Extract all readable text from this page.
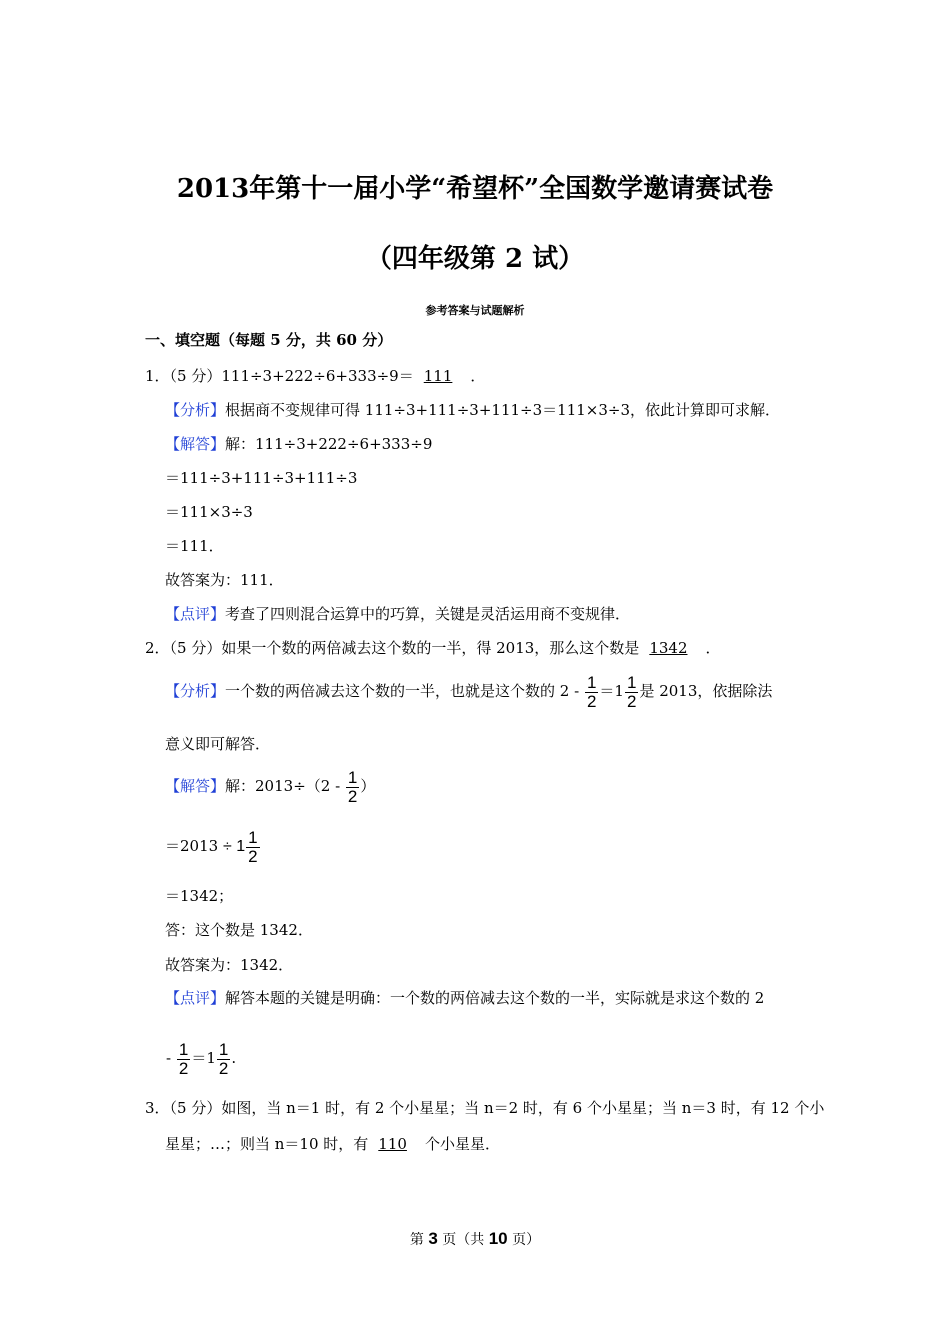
2013年第十一届小学“希望杯”全国数学邀请赛试卷
（四年级第 2 试）
参考答案与试题解析
一、填空题（每题 5 分，共 60 分）
1．（5 分）111÷3+222÷6+333÷9＝ 111 ．
【分析】根据商不变规律可得 111÷3+111÷3+111÷3＝111×3÷3，依此计算即可求解．
【解答】解：111÷3+222÷6+333÷9
＝111÷3+111÷3+111÷3
＝111×3÷3
＝111．
故答案为：111．
【点评】考查了四则混合运算中的巧算，关键是灵活运用商不变规律．
2．（5 分）如果一个数的两倍减去这个数的一半，得 2013，那么这个数是 1342 ．
【分析】一个数的两倍减去这个数的一半，也就是这个数的 $2 - \frac{1}{2} =1 \frac{1}{2}$ 是 2013，依据除法
意义即可解答．
【解答】解：$2013\div(2 - \frac{1}{2}$ ）
$=2013 \div 1 \frac{1}{2}$
＝1342；
答：这个数是 1342．
故答案为：1342．
【点评】解答本题的关键是明确：一个数的两倍减去这个数的一半，实际就是求这个数的 2
- $\frac{1}{2} =1 \frac{1}{2}$ .
3．（5 分）如图，当 n＝1 时，有 2 个小星星；当 n＝2 时，有 6 个小星星；当 n＝3 时，有 12 个小
星星；…；则当 n＝10 时，有 110 个小星星．
第 3 页（共 10 页）
